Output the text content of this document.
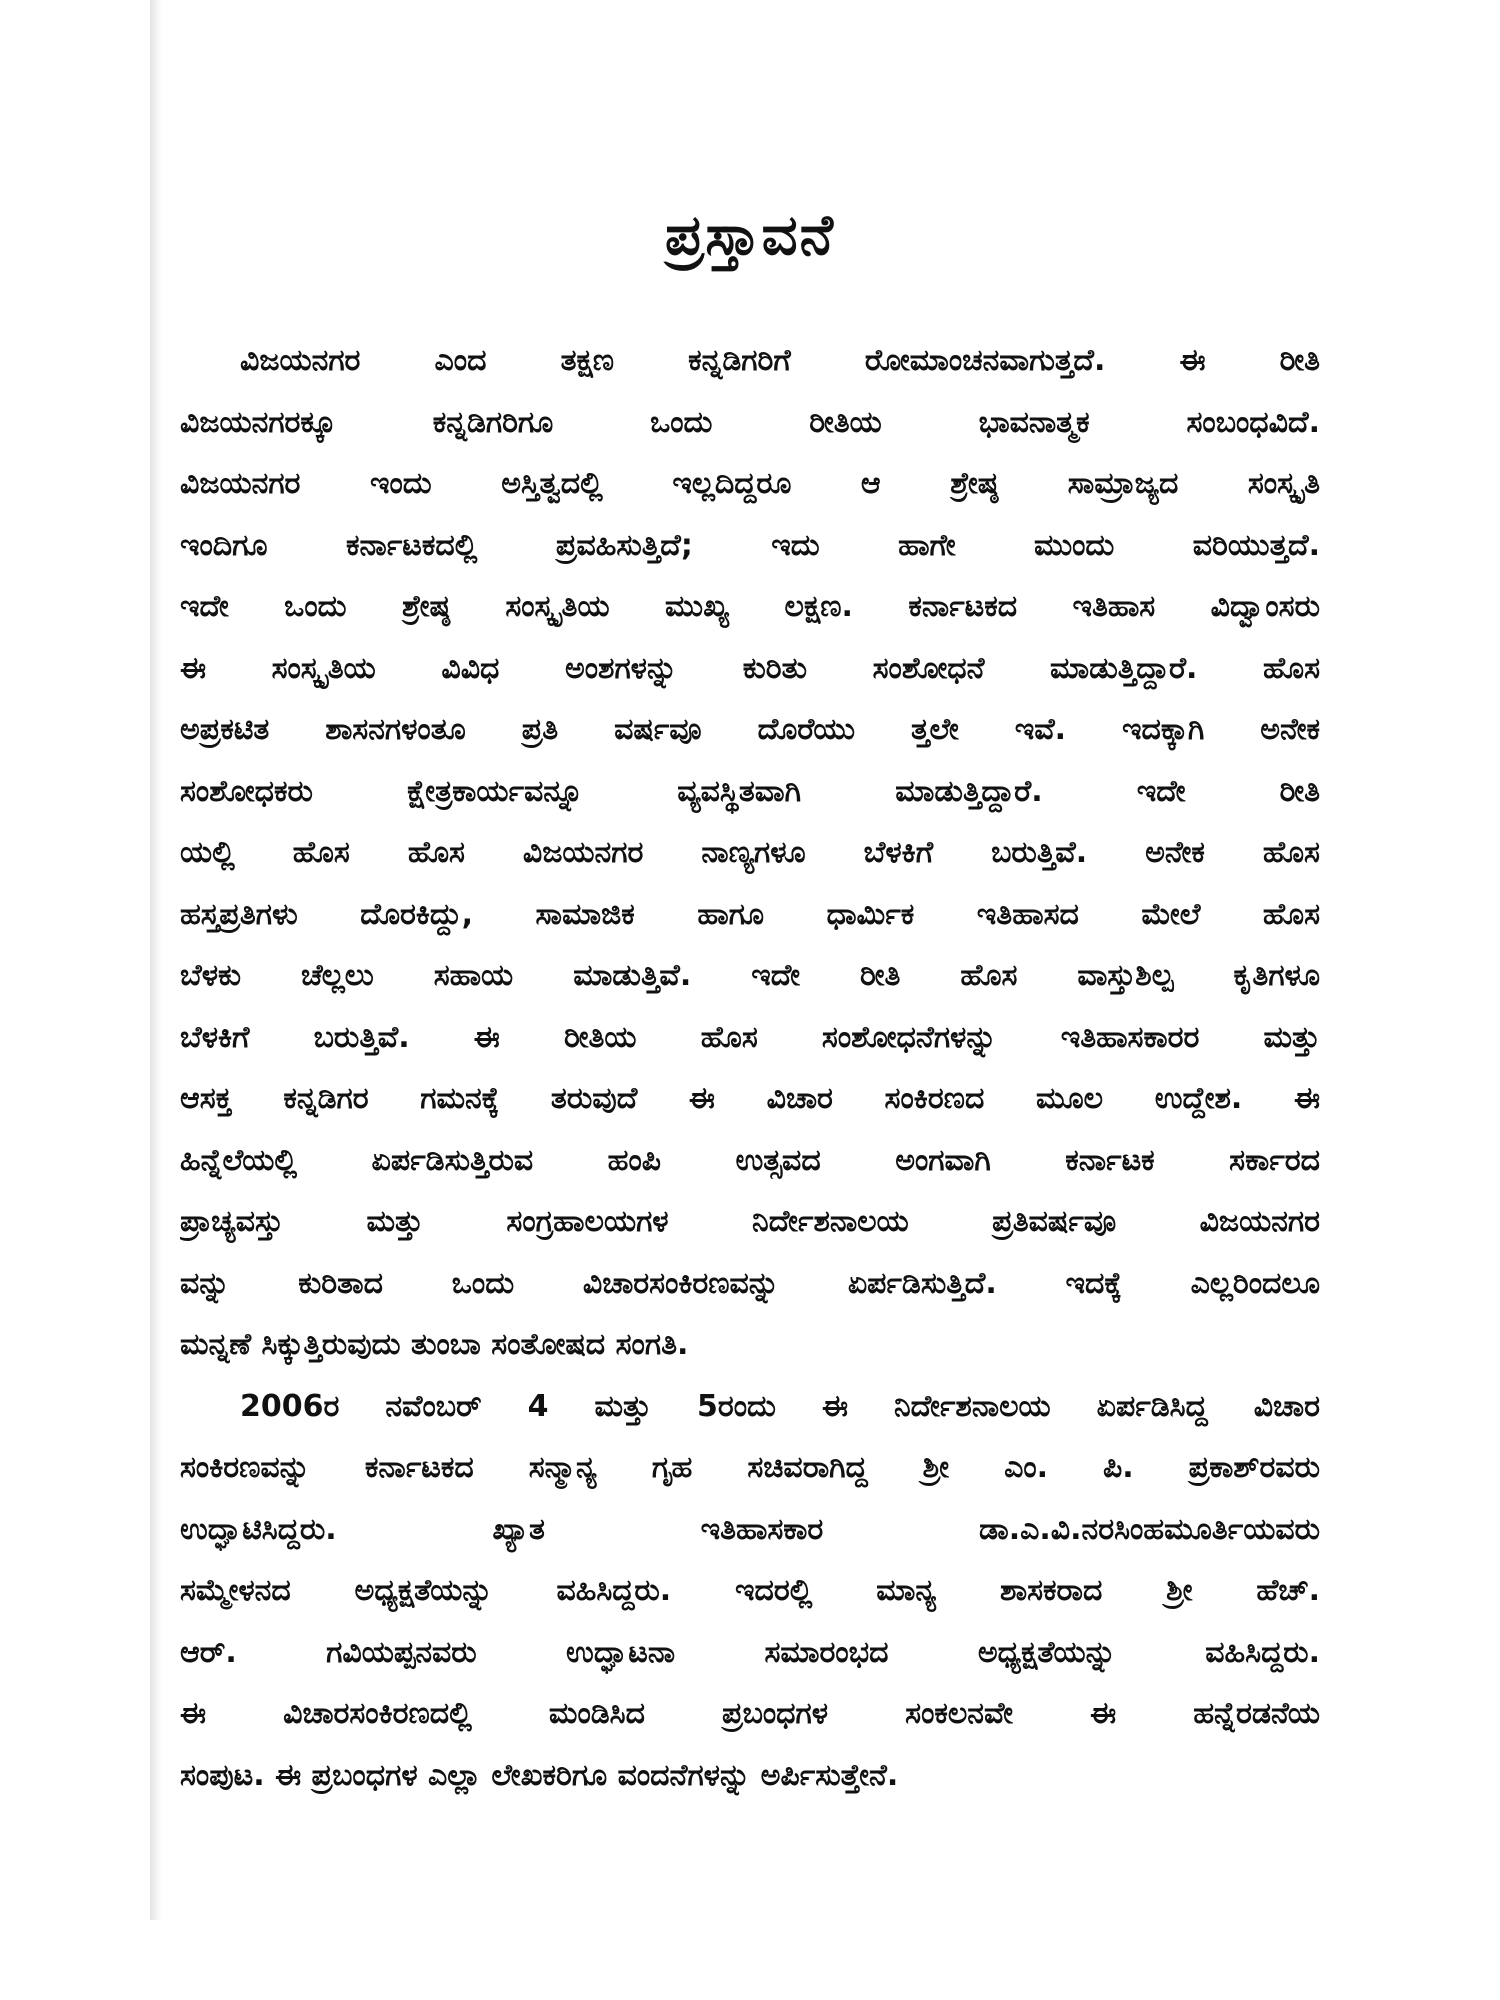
ಪ್ರಸ್ತಾವನೆ
ವಿಜಯನಗರ ಎಂದ ತಕ್ಷಣ ಕನ್ನಡಿಗರಿಗೆ ರೋಮಾಂಚನವಾಗುತ್ತದೆ. ಈ ರೀತಿ
ವಿಜಯನಗರಕ್ಕೂ ಕನ್ನಡಿಗರಿಗೂ ಒಂದು ರೀತಿಯ ಭಾವನಾತ್ಮಕ ಸಂಬಂಧವಿದೆ.
ವಿಜಯನಗರ ಇಂದು ಅಸ್ತಿತ್ವದಲ್ಲಿ ಇಲ್ಲದಿದ್ದರೂ ಆ ಶ್ರೇಷ್ಠ ಸಾಮ್ರಾಜ್ಯದ ಸಂಸ್ಕೃತಿ
ಇಂದಿಗೂ ಕರ್ನಾಟಕದಲ್ಲಿ ಪ್ರವಹಿಸುತ್ತಿದೆ; ಇದು ಹಾಗೇ ಮುಂದು ವರಿಯುತ್ತದೆ.
ಇದೇ ಒಂದು ಶ್ರೇಷ್ಠ ಸಂಸ್ಕೃತಿಯ ಮುಖ್ಯ ಲಕ್ಷಣ. ಕರ್ನಾಟಕದ ಇತಿಹಾಸ ವಿದ್ವಾಂಸರು
ಈ ಸಂಸ್ಕೃತಿಯ ವಿವಿಧ ಅಂಶಗಳನ್ನು ಕುರಿತು ಸಂಶೋಧನೆ ಮಾಡುತ್ತಿದ್ದಾರೆ. ಹೊಸ
ಅಪ್ರಕಟಿತ ಶಾಸನಗಳಂತೂ ಪ್ರತಿ ವರ್ಷವೂ ದೊರೆಯು ತ್ತಲೇ ಇವೆ. ಇದಕ್ಕಾಗಿ ಅನೇಕ
ಸಂಶೋಧಕರು ಕ್ಷೇತ್ರಕಾರ್ಯವನ್ನೂ ವ್ಯವಸ್ಥಿತವಾಗಿ ಮಾಡುತ್ತಿದ್ದಾರೆ. ಇದೇ ರೀತಿ
ಯಲ್ಲಿ ಹೊಸ ಹೊಸ ವಿಜಯನಗರ ನಾಣ್ಯಗಳೂ ಬೆಳಕಿಗೆ ಬರುತ್ತಿವೆ. ಅನೇಕ ಹೊಸ
ಹಸ್ತಪ್ರತಿಗಳು ದೊರಕಿದ್ದು, ಸಾಮಾಜಿಕ ಹಾಗೂ ಧಾರ್ಮಿಕ ಇತಿಹಾಸದ ಮೇಲೆ ಹೊಸ
ಬೆಳಕು ಚೆಲ್ಲಲು ಸಹಾಯ ಮಾಡುತ್ತಿವೆ. ಇದೇ ರೀತಿ ಹೊಸ ವಾಸ್ತುಶಿಲ್ಪ ಕೃತಿಗಳೂ
ಬೆಳಕಿಗೆ ಬರುತ್ತಿವೆ. ಈ ರೀತಿಯ ಹೊಸ ಸಂಶೋಧನೆಗಳನ್ನು ಇತಿಹಾಸಕಾರರ ಮತ್ತು
ಆಸಕ್ತ ಕನ್ನಡಿಗರ ಗಮನಕ್ಕೆ ತರುವುದೆ ಈ ವಿಚಾರ ಸಂಕಿರಣದ ಮೂಲ ಉದ್ದೇಶ. ಈ
ಹಿನ್ನೆಲೆಯಲ್ಲಿ ಏರ್ಪಡಿಸುತ್ತಿರುವ ಹಂಪಿ ಉತ್ಸವದ ಅಂಗವಾಗಿ ಕರ್ನಾಟಕ ಸರ್ಕಾರದ
ಪ್ರಾಚ್ಯವಸ್ತು ಮತ್ತು ಸಂಗ್ರಹಾಲಯಗಳ ನಿರ್ದೇಶನಾಲಯ ಪ್ರತಿವರ್ಷವೂ ವಿಜಯನಗರ
ವನ್ನು ಕುರಿತಾದ ಒಂದು ವಿಚಾರಸಂಕಿರಣವನ್ನು ಏರ್ಪಡಿಸುತ್ತಿದೆ. ಇದಕ್ಕೆ ಎಲ್ಲರಿಂದಲೂ
ಮನ್ನಣೆ ಸಿಕ್ಕುತ್ತಿರುವುದು ತುಂಬಾ ಸಂತೋಷದ ಸಂಗತಿ.
2006ರ ನವೆಂಬರ್ 4 ಮತ್ತು 5ರಂದು ಈ ನಿರ್ದೇಶನಾಲಯ ಏರ್ಪಡಿಸಿದ್ದ ವಿಚಾರ
ಸಂಕಿರಣವನ್ನು ಕರ್ನಾಟಕದ ಸನ್ಮಾನ್ಯ ಗೃಹ ಸಚಿವರಾಗಿದ್ದ ಶ್ರೀ ಎಂ. ಪಿ. ಪ್ರಕಾಶ್‌ರವರು
ಉದ್ಘಾಟಿಸಿದ್ದರು. ಖ್ಯಾತ ಇತಿಹಾಸಕಾರ ಡಾ.ಎ.ವಿ.ನರಸಿಂಹಮೂರ್ತಿಯವರು
ಸಮ್ಮೇಳನದ ಅಧ್ಯಕ್ಷತೆಯನ್ನು ವಹಿಸಿದ್ದರು. ಇದರಲ್ಲಿ ಮಾನ್ಯ ಶಾಸಕರಾದ ಶ್ರೀ ಹೆಚ್.
ಆರ್. ಗವಿಯಪ್ಪನವರು ಉದ್ಘಾಟನಾ ಸಮಾರಂಭದ ಅಧ್ಯಕ್ಷತೆಯನ್ನು ವಹಿಸಿದ್ದರು.
ಈ ವಿಚಾರಸಂಕಿರಣದಲ್ಲಿ ಮಂಡಿಸಿದ ಪ್ರಬಂಧಗಳ ಸಂಕಲನವೇ ಈ ಹನ್ನೆರಡನೆಯ
ಸಂಪುಟ. ಈ ಪ್ರಬಂಧಗಳ ಎಲ್ಲಾ ಲೇಖಕರಿಗೂ ವಂದನೆಗಳನ್ನು ಅರ್ಪಿಸುತ್ತೇನೆ.
